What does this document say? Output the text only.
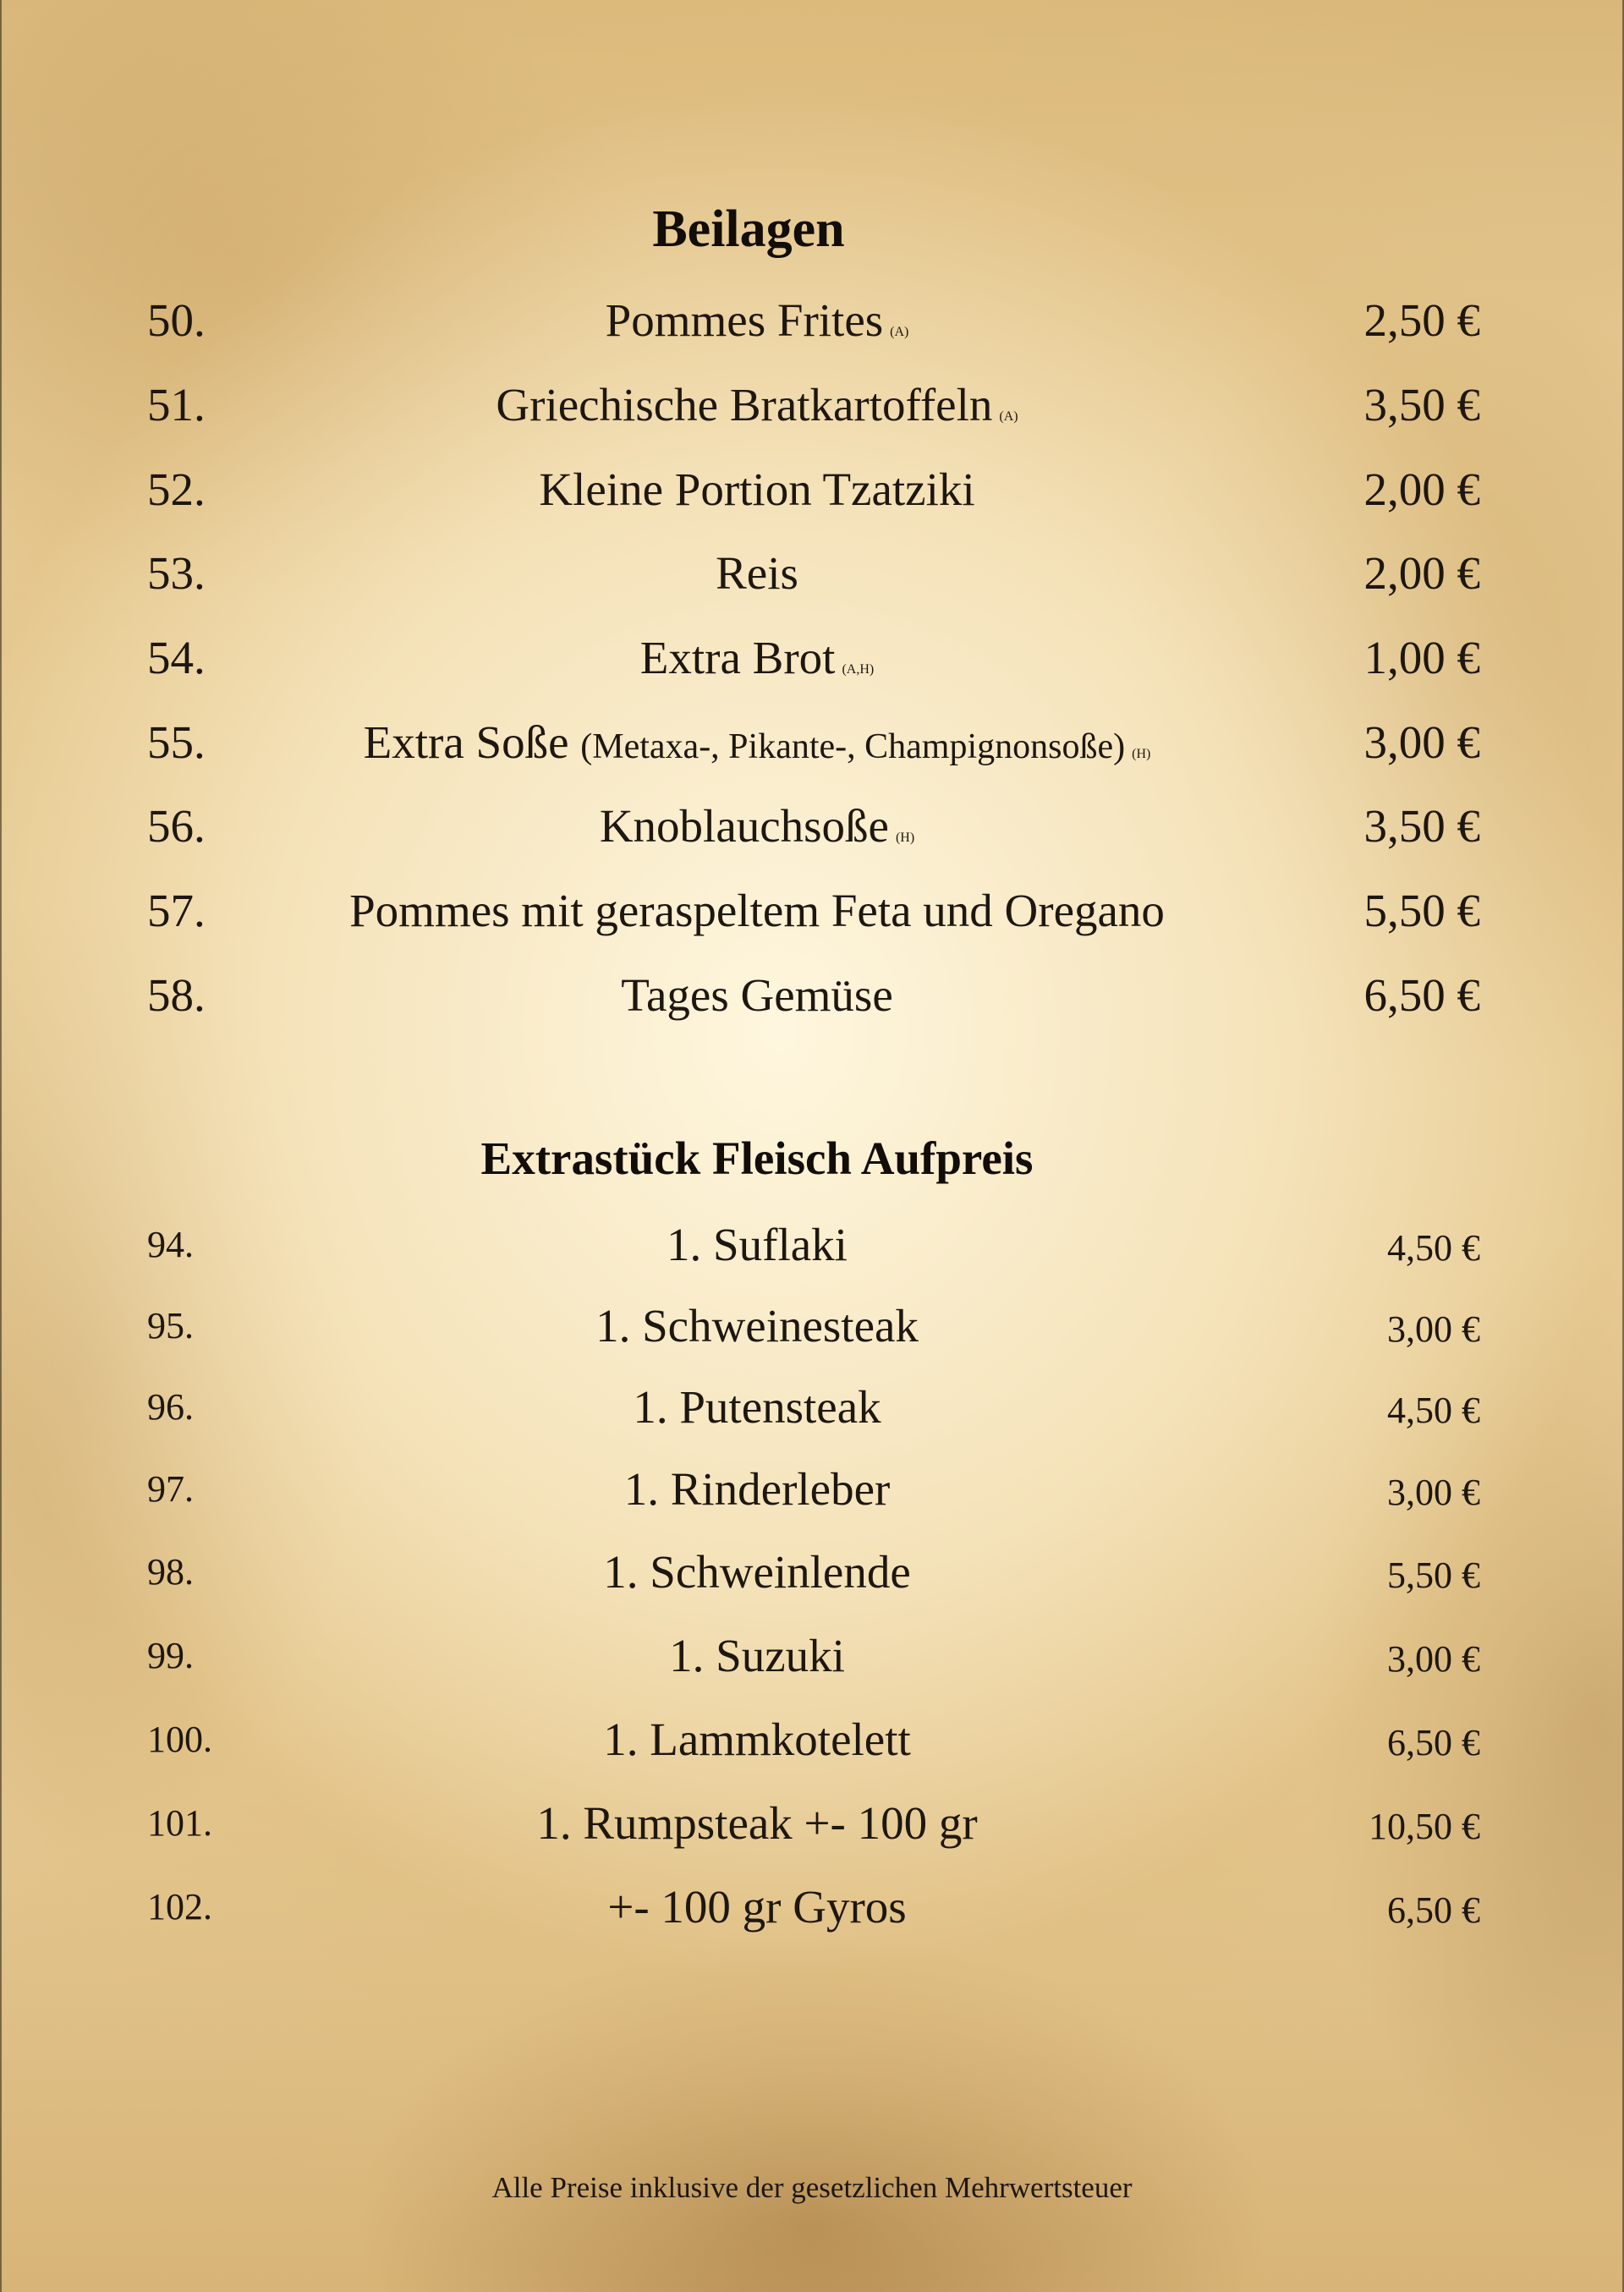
Beilagen
50.	Pommes Frites (A)	2,50 €
51.	Griechische Bratkartoffeln (A)	3,50 €
52.	Kleine Portion Tzatziki	2,00 €
53.	Reis	2,00 €
54.	Extra Brot (A,H)	1,00 €
55.	Extra Soße (Metaxa-, Pikante-, Champignonsoße) (H)	3,00 €
56.	Knoblauchsoße (H)	3,50 €
57.	Pommes mit geraspeltem Feta und Oregano	5,50 €
58.	Tages Gemüse	6,50 €
Extrastück Fleisch Aufpreis
94.	1. Suflaki	4,50 €
95.	1. Schweinesteak	3,00 €
96.	1. Putensteak	4,50 €
97.	1. Rinderleber	3,00 €
98.	1. Schweinlende	5,50 €
99.	1. Suzuki	3,00 €
100.	1. Lammkotelett	6,50 €
101.	1. Rumpsteak +- 100 gr	10,50 €
102.	+- 100 gr Gyros	6,50 €
Alle Preise inklusive der gesetzlichen Mehrwertsteuer
